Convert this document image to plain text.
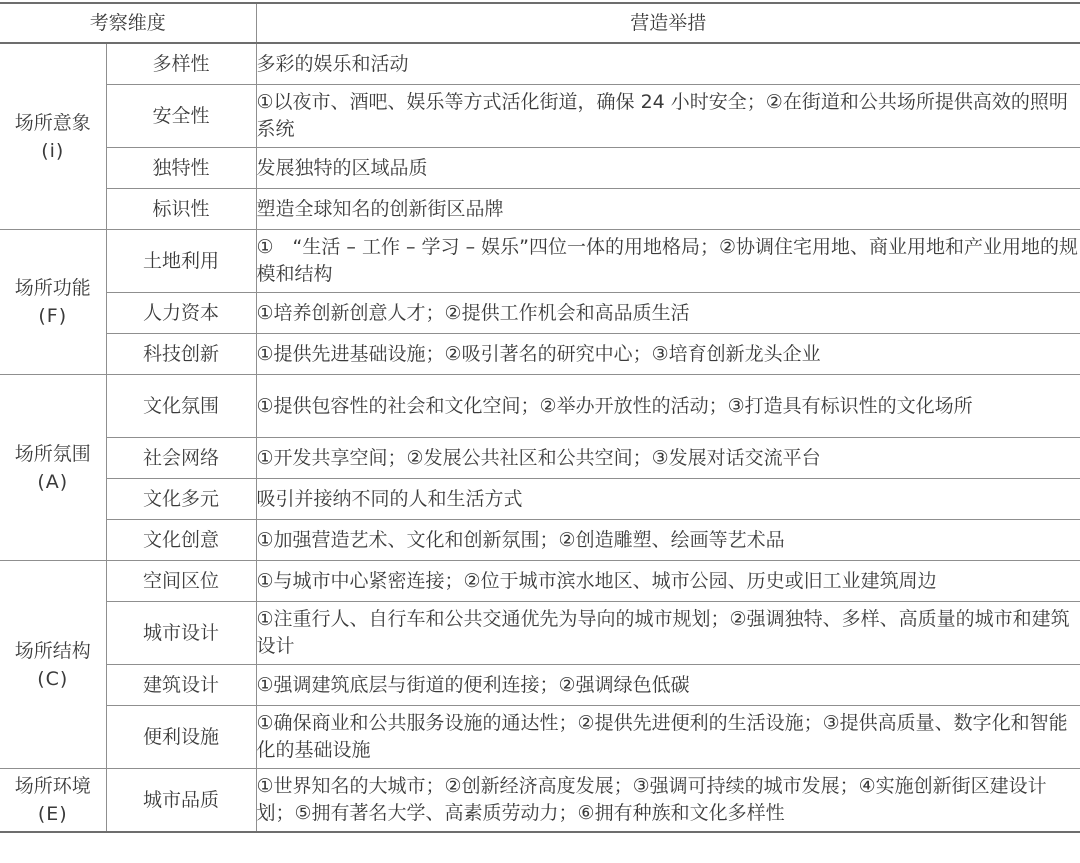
考察维度		营造举措
场所意象
(i)	多样性	多彩的娱乐和活动
	安全性	①以夜市、酒吧、娱乐等方式活化街道，确保 24 小时安全；②在街道和公共场所提供高效的照明系统
	独特性	发展独特的区域品质
	标识性	塑造全球知名的创新街区品牌
场所功能
(F)	土地利用	①　“生活 – 工作 – 学习 – 娱乐”四位一体的用地格局；②协调住宅用地、商业用地和产业用地的规模和结构
	人力资本	①培养创新创意人才；②提供工作机会和高品质生活
	科技创新	①提供先进基础设施；②吸引著名的研究中心；③培育创新龙头企业
场所氛围
(A)	文化氛围	①提供包容性的社会和文化空间；②举办开放性的活动；③打造具有标识性的文化场所
	社会网络	①开发共享空间；②发展公共社区和公共空间；③发展对话交流平台
	文化多元	吸引并接纳不同的人和生活方式
	文化创意	①加强营造艺术、文化和创新氛围；②创造雕塑、绘画等艺术品
场所结构
(C)	空间区位	①与城市中心紧密连接；②位于城市滨水地区、城市公园、历史或旧工业建筑周边
	城市设计	①注重行人、自行车和公共交通优先为导向的城市规划；②强调独特、多样、高质量的城市和建筑设计
	建筑设计	①强调建筑底层与街道的便利连接；②强调绿色低碳
	便利设施	①确保商业和公共服务设施的通达性；②提供先进便利的生活设施；③提供高质量、数字化和智能化的基础设施
场所环境
(E)	城市品质	①世界知名的大城市；②创新经济高度发展；③强调可持续的城市发展；④实施创新街区建设计划；⑤拥有著名大学、高素质劳动力；⑥拥有种族和文化多样性
